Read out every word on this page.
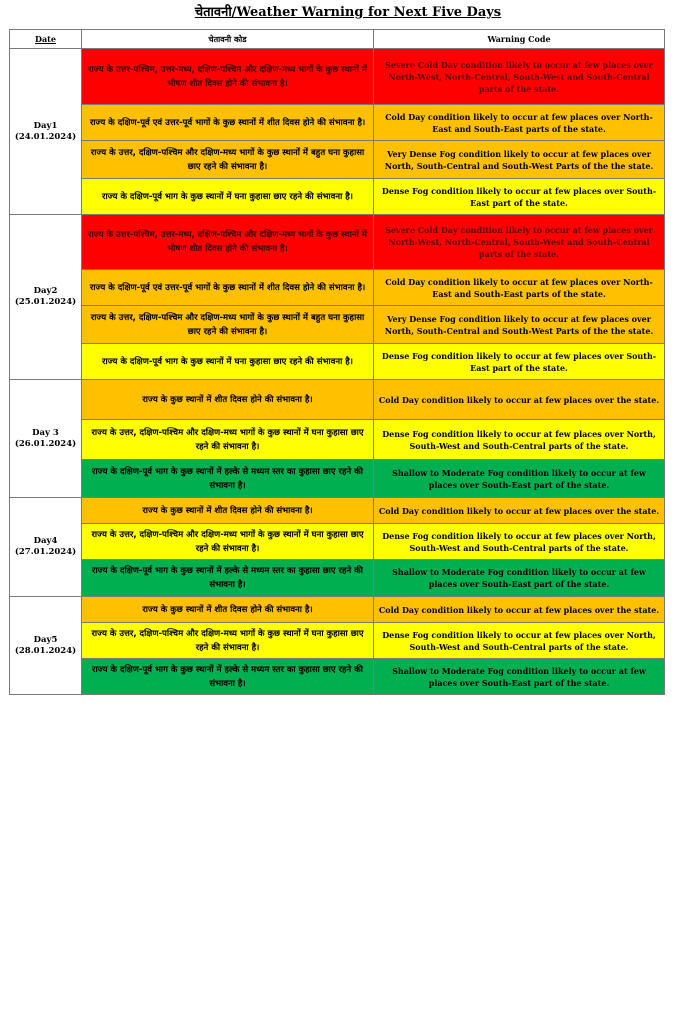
चेतावनी/Weather Warning for Next Five Days
Date	चेतावनी कोड	Warning Code

Day1
(24.01.2024)	राज्य के उत्तर-पश्चिम, उत्तर-मध्य, दक्षिण-पश्चिम और दक्षिण-मध्य भागों के कुछ स्थानों में भीषण शीत दिवस होने की संभावना है।	Severe Cold Day condition likely to occur at few places over North-West, North-Central, South-West and South-Central parts of the state.
	राज्य के दक्षिण-पूर्व एवं उत्तर-पूर्व भागों के कुछ स्थानों में शीत दिवस होने की संभावना है।	Cold Day condition likely to occur at few places over North-East and South-East parts of the state.
	राज्य के उत्तर, दक्षिण-पश्चिम और दक्षिण-मध्य भागों के कुछ स्थानों में बहुत घना कुहासा छाए रहने की संभावना है।	Very Dense Fog condition likely to occur at few places over North, South-Central and South-West Parts of the the state.
	राज्य के दक्षिण-पूर्व भाग के कुछ स्थानों में घना कुहासा छाए रहने की संभावना है।	Dense Fog condition likely to occur at few places over South-East part of the state.

Day2
(25.01.2024)	राज्य के उत्तर-पश्चिम, उत्तर-मध्य, दक्षिण-पश्चिम और दक्षिण-मध्य भागों के कुछ स्थानों में भीषण शीत दिवस होने की संभावना है।	Severe Cold Day condition likely to occur at few places over North-West, North-Central, South-West and South-Central parts of the state.
	राज्य के दक्षिण-पूर्व एवं उत्तर-पूर्व भागों के कुछ स्थानों में शीत दिवस होने की संभावना है।	Cold Day condition likely to occur at few places over North-East and South-East parts of the state.
	राज्य के उत्तर, दक्षिण-पश्चिम और दक्षिण-मध्य भागों के कुछ स्थानों में बहुत घना कुहासा छाए रहने की संभावना है।	Very Dense Fog condition likely to occur at few places over North, South-Central and South-West Parts of the the state.
	राज्य के दक्षिण-पूर्व भाग के कुछ स्थानों में घना कुहासा छाए रहने की संभावना है।	Dense Fog condition likely to occur at few places over South-East part of the state.

Day 3
(26.01.2024)	राज्य के कुछ स्थानों में शीत दिवस होने की संभावना है।	Cold Day condition likely to occur at few places over the state.
	राज्य के उत्तर, दक्षिण-पश्चिम और दक्षिण-मध्य भागों के कुछ स्थानों में घना कुहासा छाए रहने की संभावना है।	Dense Fog condition likely to occur at few places over North, South-West and South-Central parts of the state.
	राज्य के दक्षिण-पूर्व भाग के कुछ स्थानों में हल्के से मध्यम स्तर का कुहासा छाए रहने की संभावना है।	Shallow to Moderate Fog condition likely to occur at few places over South-East part of the state.

Day4
(27.01.2024)	राज्य के कुछ स्थानों में शीत दिवस होने की संभावना है।	Cold Day condition likely to occur at few places over the state.
	राज्य के उत्तर, दक्षिण-पश्चिम और दक्षिण-मध्य भागों के कुछ स्थानों में घना कुहासा छाए रहने की संभावना है।	Dense Fog condition likely to occur at few places over North, South-West and South-Central parts of the state.
	राज्य के दक्षिण-पूर्व भाग के कुछ स्थानों में हल्के से मध्यम स्तर का कुहासा छाए रहने की संभावना है।	Shallow to Moderate Fog condition likely to occur at few places over South-East part of the state.

Day5
(28.01.2024)	राज्य के कुछ स्थानों में शीत दिवस होने की संभावना है।	Cold Day condition likely to occur at few places over the state.
	राज्य के उत्तर, दक्षिण-पश्चिम और दक्षिण-मध्य भागों के कुछ स्थानों में घना कुहासा छाए रहने की संभावना है।	Dense Fog condition likely to occur at few places over North, South-West and South-Central parts of the state.
	राज्य के दक्षिण-पूर्व भाग के कुछ स्थानों में हल्के से मध्यम स्तर का कुहासा छाए रहने की संभावना है।	Shallow to Moderate Fog condition likely to occur at few places over South-East part of the state.
